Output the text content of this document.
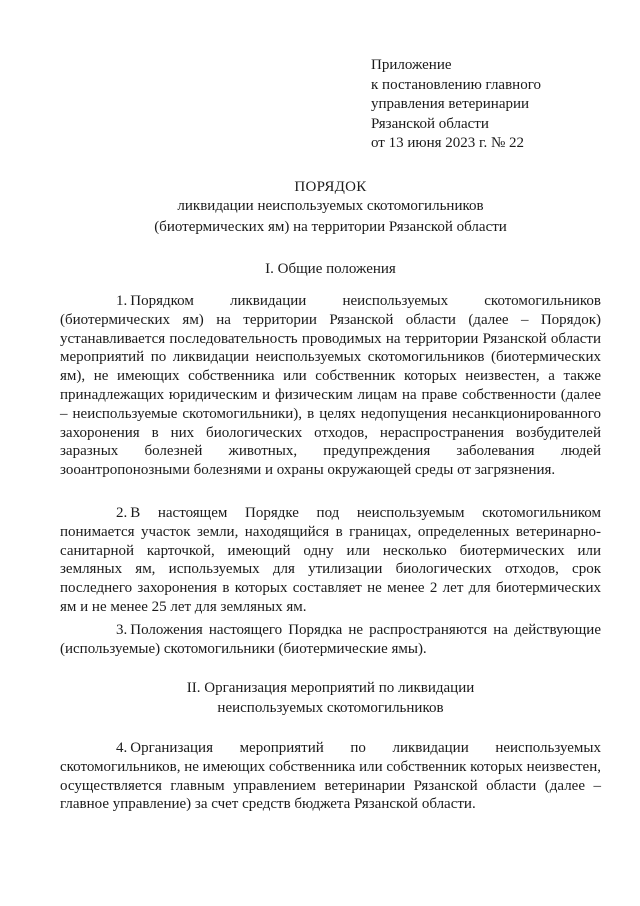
Приложение
к постановлению главного
управления ветеринарии
Рязанской области
от 13 июня 2023 г. № 22
ПОРЯДОК
ликвидации неиспользуемых скотомогильников
(биотермических ям) на территории Рязанской области
I. Общие положения

1. Порядком ликвидации неиспользуемых скотомогильников (биотермических ям) на территории Рязанской области (далее – Порядок) устанавливается последовательность проводимых на территории Рязанской области мероприятий по ликвидации неиспользуемых скотомогильников (биотермических ям), не имеющих собственника или собственник которых неизвестен, а также принадлежащих юридическим и физическим лицам на праве собственности (далее – неиспользуемые скотомогильники), в целях недопущения несанкционированного захоронения в них биологических отходов, нераспространения возбудителей заразных болезней животных, предупреждения заболевания людей зооантропонозными болезнями и охраны окружающей среды от загрязнения.

2. В настоящем Порядке под неиспользуемым скотомогильником понимается участок земли, находящийся в границах, определенных ветеринарно-санитарной карточкой, имеющий одну или несколько биотермических или земляных ям, используемых для утилизации биологических отходов, срок последнего захоронения в которых составляет не менее 2 лет для биотермических ям и не менее 25 лет для земляных ям.

3. Положения настоящего Порядка не распространяются на действующие (используемые) скотомогильники (биотермические ямы).

II. Организация мероприятий по ликвидации
неиспользуемых скотомогильников

4. Организация мероприятий по ликвидации неиспользуемых скотомогильников, не имеющих собственника или собственник которых неизвестен, осуществляется главным управлением ветеринарии Рязанской области (далее – главное управление) за счет средств бюджета Рязанской области.
